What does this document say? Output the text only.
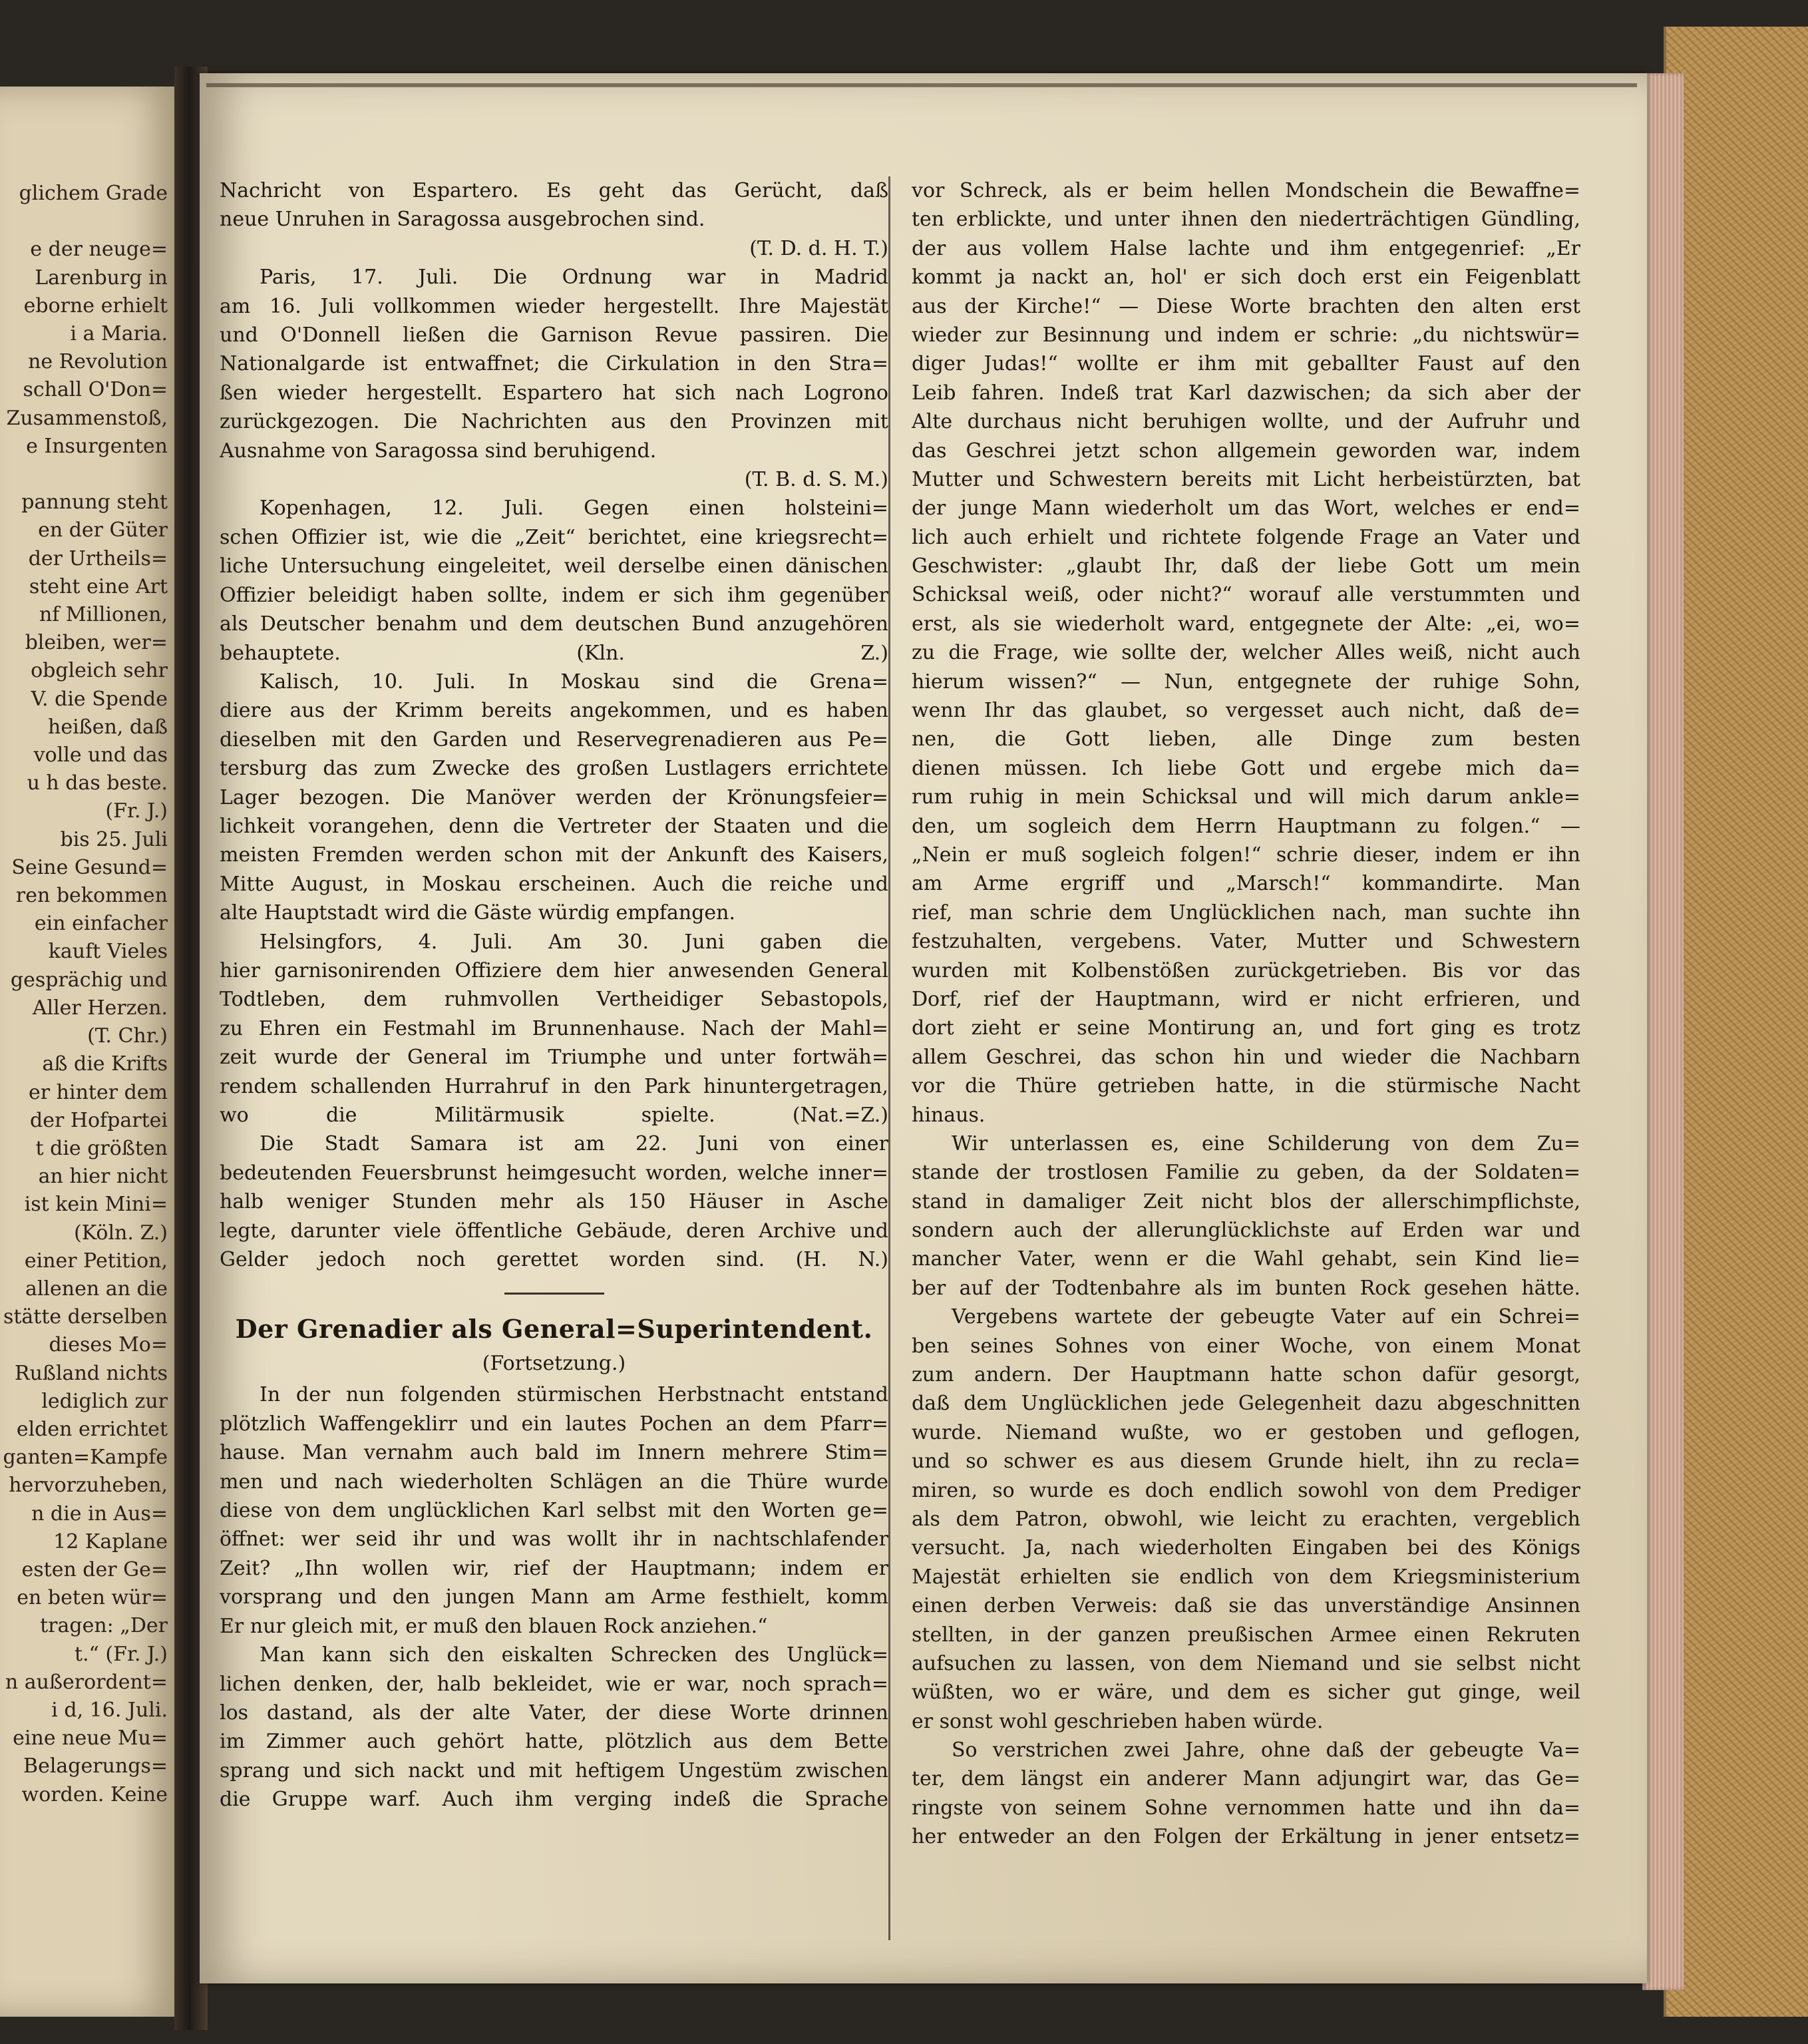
glichem Grade

e der neuge=
Larenburg in
eborne erhielt
i a Maria.
ne Revolution
schall O'Don=
Zusammenstoß,
e Insurgenten

pannung steht
en der Güter
der Urtheils=
steht eine Art
nf Millionen,
bleiben, wer=
obgleich sehr
V. die Spende
heißen, daß
volle und das
u h das beste.
(Fr. J.)
bis 25. Juli
Seine Gesund=
ren bekommen
ein einfacher
kauft Vieles
gesprächig und
Aller Herzen.
(T. Chr.)
aß die Krifts
er hinter dem
der Hofpartei
t die größten
an hier nicht
ist kein Mini=
(Köln. Z.)
einer Petition,
allenen an die
stätte derselben
dieses Mo=
Rußland nichts
lediglich zur
elden errichtet
ganten=Kampfe
hervorzuheben,
n die in Aus=
12 Kaplane
esten der Ge=
en beten wür=
tragen: „Der
t.“ (Fr. J.)
n außerordent=
i d, 16. Juli.
eine neue Mu=
Belagerungs=
worden. Keine
Nachricht von Espartero. Es geht das Gerücht, daß
neue Unruhen in Saragossa ausgebrochen sind.
(T. D. d. H. T.)
Paris, 17. Juli. Die Ordnung war in Madrid
am 16. Juli vollkommen wieder hergestellt. Ihre Majestät
und O'Donnell ließen die Garnison Revue passiren. Die
Nationalgarde ist entwaffnet; die Cirkulation in den Stra=
ßen wieder hergestellt. Espartero hat sich nach Logrono
zurückgezogen. Die Nachrichten aus den Provinzen mit
Ausnahme von Saragossa sind beruhigend.
(T. B. d. S. M.)
Kopenhagen, 12. Juli. Gegen einen holsteini=
schen Offizier ist, wie die „Zeit“ berichtet, eine kriegsrecht=
liche Untersuchung eingeleitet, weil derselbe einen dänischen
Offizier beleidigt haben sollte, indem er sich ihm gegenüber
als Deutscher benahm und dem deutschen Bund anzugehören
behauptete. (Kln. Z.)
Kalisch, 10. Juli. In Moskau sind die Grena=
diere aus der Krimm bereits angekommen, und es haben
dieselben mit den Garden und Reservegrenadieren aus Pe=
tersburg das zum Zwecke des großen Lustlagers errichtete
Lager bezogen. Die Manöver werden der Krönungsfeier=
lichkeit vorangehen, denn die Vertreter der Staaten und die
meisten Fremden werden schon mit der Ankunft des Kaisers,
Mitte August, in Moskau erscheinen. Auch die reiche und
alte Hauptstadt wird die Gäste würdig empfangen.
Helsingfors, 4. Juli. Am 30. Juni gaben die
hier garnisonirenden Offiziere dem hier anwesenden General
Todtleben, dem ruhmvollen Vertheidiger Sebastopols,
zu Ehren ein Festmahl im Brunnenhause. Nach der Mahl=
zeit wurde der General im Triumphe und unter fortwäh=
rendem schallenden Hurrahruf in den Park hinuntergetragen,
wo die Militärmusik spielte. (Nat.=Z.)
Die Stadt Samara ist am 22. Juni von einer
bedeutenden Feuersbrunst heimgesucht worden, welche inner=
halb weniger Stunden mehr als 150 Häuser in Asche
legte, darunter viele öffentliche Gebäude, deren Archive und
Gelder jedoch noch gerettet worden sind. (H. N.)
Der Grenadier als General=Superintendent.
(Fortsetzung.)
In der nun folgenden stürmischen Herbstnacht entstand
plötzlich Waffengeklirr und ein lautes Pochen an dem Pfarr=
hause. Man vernahm auch bald im Innern mehrere Stim=
men und nach wiederholten Schlägen an die Thüre wurde
diese von dem unglücklichen Karl selbst mit den Worten ge=
öffnet: wer seid ihr und was wollt ihr in nachtschlafender
Zeit? „Ihn wollen wir, rief der Hauptmann; indem er
vorsprang und den jungen Mann am Arme festhielt, komm
Er nur gleich mit, er muß den blauen Rock anziehen.“
Man kann sich den eiskalten Schrecken des Unglück=
lichen denken, der, halb bekleidet, wie er war, noch sprach=
los dastand, als der alte Vater, der diese Worte drinnen
im Zimmer auch gehört hatte, plötzlich aus dem Bette
sprang und sich nackt und mit heftigem Ungestüm zwischen
die Gruppe warf. Auch ihm verging indeß die Sprache
vor Schreck, als er beim hellen Mondschein die Bewaffne=
ten erblickte, und unter ihnen den niederträchtigen Gündling,
der aus vollem Halse lachte und ihm entgegenrief: „Er
kommt ja nackt an, hol' er sich doch erst ein Feigenblatt
aus der Kirche!“ — Diese Worte brachten den alten erst
wieder zur Besinnung und indem er schrie: „du nichtswür=
diger Judas!“ wollte er ihm mit geballter Faust auf den
Leib fahren. Indeß trat Karl dazwischen; da sich aber der
Alte durchaus nicht beruhigen wollte, und der Aufruhr und
das Geschrei jetzt schon allgemein geworden war, indem
Mutter und Schwestern bereits mit Licht herbeistürzten, bat
der junge Mann wiederholt um das Wort, welches er end=
lich auch erhielt und richtete folgende Frage an Vater und
Geschwister: „glaubt Ihr, daß der liebe Gott um mein
Schicksal weiß, oder nicht?“ worauf alle verstummten und
erst, als sie wiederholt ward, entgegnete der Alte: „ei, wo=
zu die Frage, wie sollte der, welcher Alles weiß, nicht auch
hierum wissen?“ — Nun, entgegnete der ruhige Sohn,
wenn Ihr das glaubet, so vergesset auch nicht, daß de=
nen, die Gott lieben, alle Dinge zum besten
dienen müssen. Ich liebe Gott und ergebe mich da=
rum ruhig in mein Schicksal und will mich darum ankle=
den, um sogleich dem Herrn Hauptmann zu folgen.“ —
„Nein er muß sogleich folgen!“ schrie dieser, indem er ihn
am Arme ergriff und „Marsch!“ kommandirte. Man
rief, man schrie dem Unglücklichen nach, man suchte ihn
festzuhalten, vergebens. Vater, Mutter und Schwestern
wurden mit Kolbenstößen zurückgetrieben. Bis vor das
Dorf, rief der Hauptmann, wird er nicht erfrieren, und
dort zieht er seine Montirung an, und fort ging es trotz
allem Geschrei, das schon hin und wieder die Nachbarn
vor die Thüre getrieben hatte, in die stürmische Nacht
hinaus.
Wir unterlassen es, eine Schilderung von dem Zu=
stande der trostlosen Familie zu geben, da der Soldaten=
stand in damaliger Zeit nicht blos der allerschimpflichste,
sondern auch der allerunglücklichste auf Erden war und
mancher Vater, wenn er die Wahl gehabt, sein Kind lie=
ber auf der Todtenbahre als im bunten Rock gesehen hätte.
Vergebens wartete der gebeugte Vater auf ein Schrei=
ben seines Sohnes von einer Woche, von einem Monat
zum andern. Der Hauptmann hatte schon dafür gesorgt,
daß dem Unglücklichen jede Gelegenheit dazu abgeschnitten
wurde. Niemand wußte, wo er gestoben und geflogen,
und so schwer es aus diesem Grunde hielt, ihn zu recla=
miren, so wurde es doch endlich sowohl von dem Prediger
als dem Patron, obwohl, wie leicht zu erachten, vergeblich
versucht. Ja, nach wiederholten Eingaben bei des Königs
Majestät erhielten sie endlich von dem Kriegsministerium
einen derben Verweis: daß sie das unverständige Ansinnen
stellten, in der ganzen preußischen Armee einen Rekruten
aufsuchen zu lassen, von dem Niemand und sie selbst nicht
wüßten, wo er wäre, und dem es sicher gut ginge, weil
er sonst wohl geschrieben haben würde.
So verstrichen zwei Jahre, ohne daß der gebeugte Va=
ter, dem längst ein anderer Mann adjungirt war, das Ge=
ringste von seinem Sohne vernommen hatte und ihn da=
her entweder an den Folgen der Erkältung in jener entsetz=
